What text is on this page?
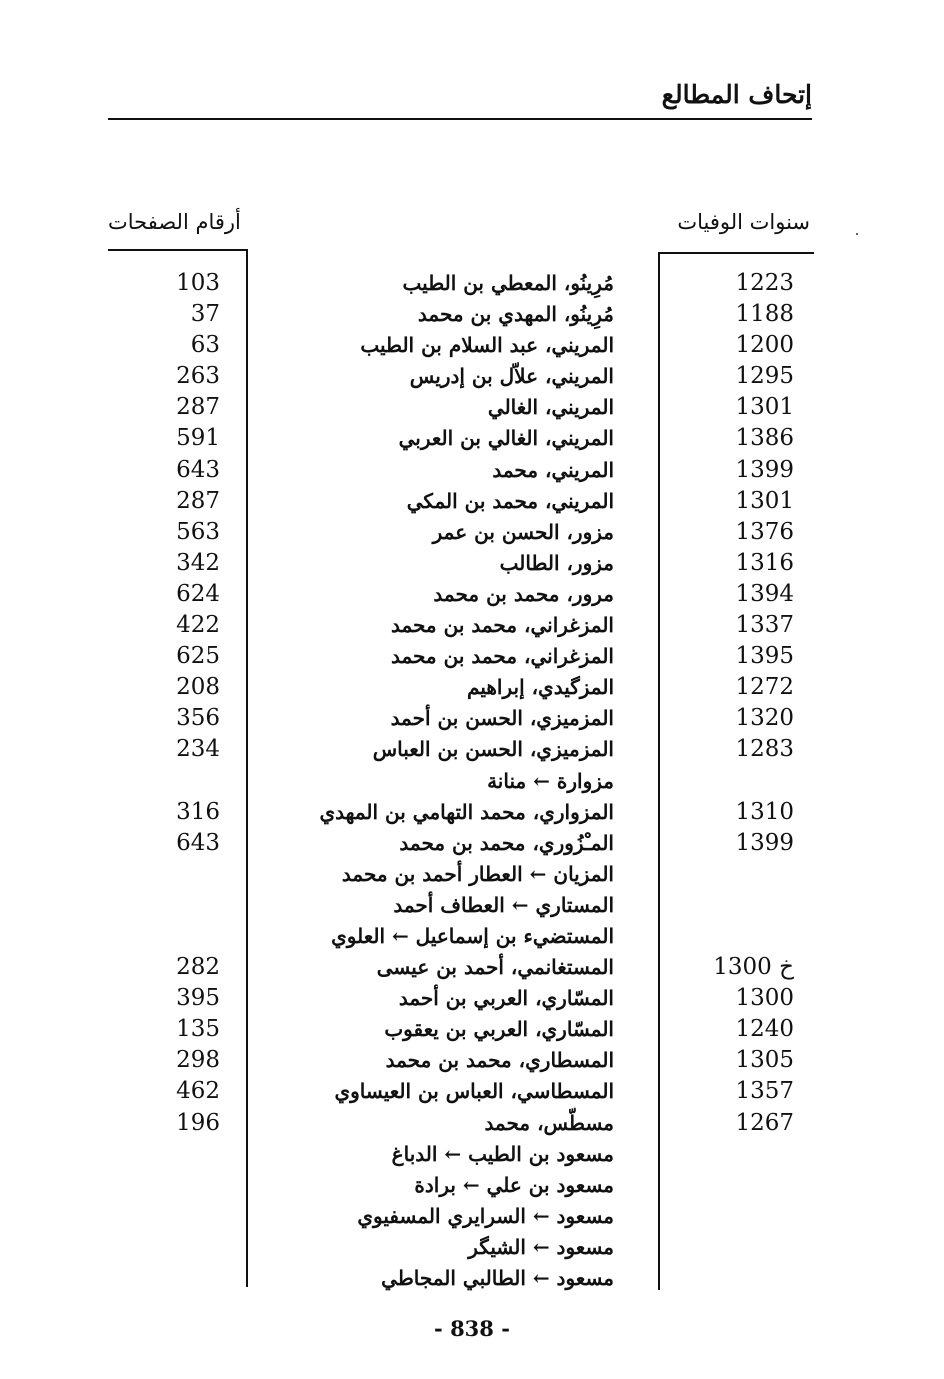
إتحاف المطالع
سنوات الوفيات
أرقام الصفحات
1223
مُرِينُو، المعطي بن الطيب
103
1188
مُرِينُو، المهدي بن محمد
37
1200
المريني، عبد السلام بن الطيب
63
1295
المريني، علاّل بن إدريس
263
1301
المريني، الغالي
287
1386
المريني، الغالي بن العربي
591
1399
المريني، محمد
643
1301
المريني، محمد بن المكي
287
1376
مزور، الحسن بن عمر
563
1316
مزور، الطالب
342
1394
مرور، محمد بن محمد
624
1337
المزغراني، محمد بن محمد
422
1395
المزغراني، محمد بن محمد
625
1272
المزگيدي، إبراهيم
208
1320
المزميزي، الحسن بن أحمد
356
1283
المزميزي، الحسن بن العباس
234
مزوارة ← منانة
1310
المزواري، محمد التهامي بن المهدي
316
1399
المـْزُوري، محمد بن محمد
643
المزيان ← العطار أحمد بن محمد
المستاري ← العطاف أحمد
المستضيء بن إسماعيل ← العلوي
خ 1300
المستغانمي، أحمد بن عيسى
282
1300
المسّاري، العربي بن أحمد
395
1240
المسّاري، العربي بن يعقوب
135
1305
المسطاري، محمد بن محمد
298
1357
المسطاسي، العباس بن العيساوي
462
1267
مسطّس، محمد
196
مسعود بن الطيب ← الدباغ
مسعود بن علي ← برادة
مسعود ← السرايري المسفيوي
مسعود ← الشيگر
مسعود ← الطالبي المجاطي
- 838 -
